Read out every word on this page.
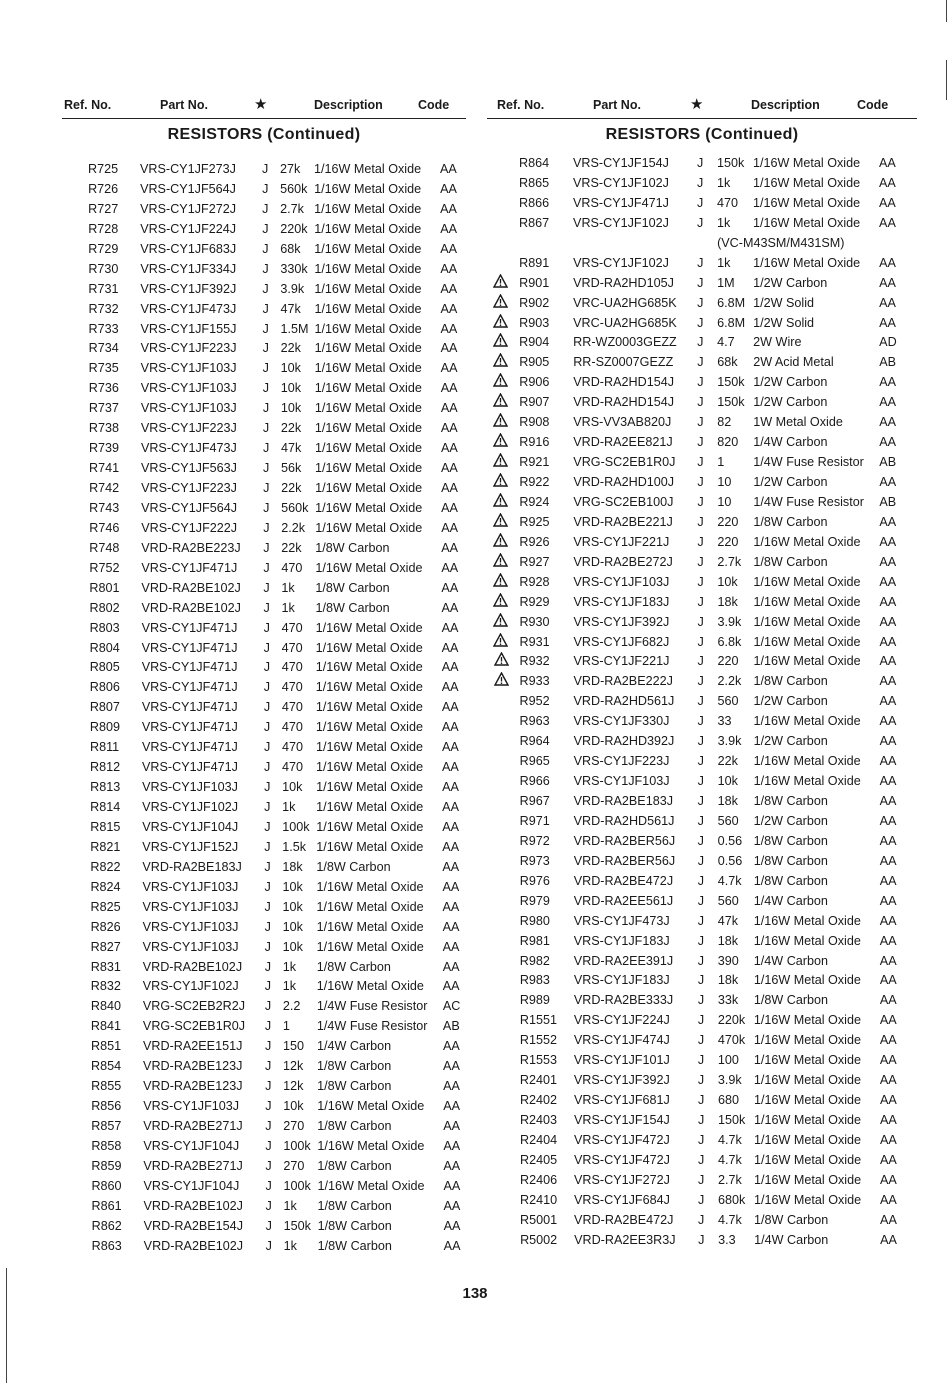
Ref. No.	Part No.	★	Description	Code
RESISTORS (Continued)
R725 VRS-CY1JF273J J 27k 1/16W Metal Oxide AA
R726 VRS-CY1JF564J J 560k 1/16W Metal Oxide AA
R727 VRS-CY1JF272J J 2.7k 1/16W Metal Oxide AA
R728 VRS-CY1JF224J J 220k 1/16W Metal Oxide AA
R729 VRS-CY1JF683J J 68k 1/16W Metal Oxide AA
R730 VRS-CY1JF334J J 330k 1/16W Metal Oxide AA
R731 VRS-CY1JF392J J 3.9k 1/16W Metal Oxide AA
R732 VRS-CY1JF473J J 47k 1/16W Metal Oxide AA
R733 VRS-CY1JF155J J 1.5M 1/16W Metal Oxide AA
R734 VRS-CY1JF223J J 22k 1/16W Metal Oxide AA
R735 VRS-CY1JF103J J 10k 1/16W Metal Oxide AA
R736 VRS-CY1JF103J J 10k 1/16W Metal Oxide AA
R737 VRS-CY1JF103J J 10k 1/16W Metal Oxide AA
R738 VRS-CY1JF223J J 22k 1/16W Metal Oxide AA
R739 VRS-CY1JF473J J 47k 1/16W Metal Oxide AA
R741 VRS-CY1JF563J J 56k 1/16W Metal Oxide AA
R742 VRS-CY1JF223J J 22k 1/16W Metal Oxide AA
R743 VRS-CY1JF564J J 560k 1/16W Metal Oxide AA
R746 VRS-CY1JF222J J 2.2k 1/16W Metal Oxide AA
R748 VRD-RA2BE223J J 22k 1/8W Carbon	AA
R752 VRS-CY1JF471J J 470 1/16W Metal Oxide AA
R801 VRD-RA2BE102J J 1k 1/8W Carbon	AA
R802 VRD-RA2BE102J J 1k 1/8W Carbon	AA
R803 VRS-CY1JF471J J 470 1/16W Metal Oxide AA
R804 VRS-CY1JF471J J 470 1/16W Metal Oxide AA
R805 VRS-CY1JF471J J 470 1/16W Metal Oxide AA
R806 VRS-CY1JF471J J 470 1/16W Metal Oxide AA
R807 VRS-CY1JF471J J 470 1/16W Metal Oxide AA
R809 VRS-CY1JF471J J 470 1/16W Metal Oxide AA
R811 VRS-CY1JF471J J 470 1/16W Metal Oxide AA
R812 VRS-CY1JF471J J 470 1/16W Metal Oxide AA
R813 VRS-CY1JF103J J 10k 1/16W Metal Oxide AA
R814 VRS-CY1JF102J J 1k 1/16W Metal Oxide AA
R815 VRS-CY1JF104J J 100k 1/16W Metal Oxide AA
R821 VRS-CY1JF152J J 1.5k 1/16W Metal Oxide AA
R822 VRD-RA2BE183J J 18k 1/8W Carbon	AA
R824 VRS-CY1JF103J J 10k 1/16W Metal Oxide AA
R825 VRS-CY1JF103J J 10k 1/16W Metal Oxide AA
R826 VRS-CY1JF103J J 10k 1/16W Metal Oxide AA
R827 VRS-CY1JF103J J 10k 1/16W Metal Oxide AA
R831 VRD-RA2BE102J J 1k 1/8W Carbon	AA
R832 VRS-CY1JF102J J 1k 1/16W Metal Oxide AA
R840 VRG-SC2EB2R2J J 2.2 1/4W Fuse Resistor AC
R841 VRG-SC2EB1R0J J 1 1/4W Fuse Resistor AB
R851 VRD-RA2EE151J J 150 1/4W Carbon	AA
R854 VRD-RA2BE123J J 12k 1/8W Carbon	AA
R855 VRD-RA2BE123J J 12k 1/8W Carbon	AA
R856 VRS-CY1JF103J J 10k 1/16W Metal Oxide AA
R857 VRD-RA2BE271J J 270 1/8W Carbon	AA
R858 VRS-CY1JF104J J 100k 1/16W Metal Oxide AA
R859 VRD-RA2BE271J J 270 1/8W Carbon	AA
R860 VRS-CY1JF104J J 100k 1/16W Metal Oxide AA
R861 VRD-RA2BE102J J 1k 1/8W Carbon	AA
R862 VRD-RA2BE154J J 150k 1/8W Carbon	AA
R863 VRD-RA2BE102J J 1k 1/8W Carbon	AA
Ref. No.	Part No.	★	Description	Code
RESISTORS (Continued)
R864 VRS-CY1JF154J J 150k 1/16W Metal Oxide AA
R865 VRS-CY1JF102J J 1k 1/16W Metal Oxide AA
R866 VRS-CY1JF471J J 470 1/16W Metal Oxide AA
R867 VRS-CY1JF102J J 1k 1/16W Metal Oxide AA
(VC-M43SM/M431SM)
R891 VRS-CY1JF102J J 1k 1/16W Metal Oxide AA
R901 VRD-RA2HD105J J 1M 1/2W Carbon	AA
R902 VRC-UA2HG685K J 6.8M 1/2W Solid	AA
R903 VRC-UA2HG685K J 6.8M 1/2W Solid	AA
R904 RR-WZ0003GEZZ J 4.7 2W Wire	AD
R905 RR-SZ0007GEZZ J 68k 2W Acid Metal	AB
R906 VRD-RA2HD154J J 150k 1/2W Carbon	AA
R907 VRD-RA2HD154J J 150k 1/2W Carbon	AA
R908 VRS-VV3AB820J J 82 1W Metal Oxide	AA
R916 VRD-RA2EE821J J 820 1/4W Carbon	AA
R921 VRG-SC2EB1R0J J 1 1/4W Fuse Resistor AB
R922 VRD-RA2HD100J J 10 1/2W Carbon	AA
R924 VRG-SC2EB100J J 10 1/4W Fuse Resistor AB
R925 VRD-RA2BE221J J 220 1/8W Carbon	AA
R926 VRS-CY1JF221J J 220 1/16W Metal Oxide AA
R927 VRD-RA2BE272J J 2.7k 1/8W Carbon	AA
R928 VRS-CY1JF103J J 10k 1/16W Metal Oxide AA
R929 VRS-CY1JF183J J 18k 1/16W Metal Oxide AA
R930 VRS-CY1JF392J J 3.9k 1/16W Metal Oxide AA
R931 VRS-CY1JF682J J 6.8k 1/16W Metal Oxide AA
R932 VRS-CY1JF221J J 220 1/16W Metal Oxide AA
R933 VRD-RA2BE222J J 2.2k 1/8W Carbon	AA
R952 VRD-RA2HD561J J 560 1/2W Carbon	AA
R963 VRS-CY1JF330J J 33 1/16W Metal Oxide AA
R964 VRD-RA2HD392J J 3.9k 1/2W Carbon	AA
R965 VRS-CY1JF223J J 22k 1/16W Metal Oxide AA
R966 VRS-CY1JF103J J 10k 1/16W Metal Oxide AA
R967 VRD-RA2BE183J J 18k 1/8W Carbon	AA
R971 VRD-RA2HD561J J 560 1/2W Carbon	AA
R972 VRD-RA2BER56J J 0.56 1/8W Carbon	AA
R973 VRD-RA2BER56J J 0.56 1/8W Carbon	AA
R976 VRD-RA2BE472J J 4.7k 1/8W Carbon	AA
R979 VRD-RA2EE561J J 560 1/4W Carbon	AA
R980 VRS-CY1JF473J J 47k 1/16W Metal Oxide AA
R981 VRS-CY1JF183J J 18k 1/16W Metal Oxide AA
R982 VRD-RA2EE391J J 390 1/4W Carbon	AA
R983 VRS-CY1JF183J J 18k 1/16W Metal Oxide AA
R989 VRD-RA2BE333J J 33k 1/8W Carbon	AA
R1551 VRS-CY1JF224J J 220k 1/16W Metal Oxide AA
R1552 VRS-CY1JF474J J 470k 1/16W Metal Oxide AA
R1553 VRS-CY1JF101J J 100 1/16W Metal Oxide AA
R2401 VRS-CY1JF392J J 3.9k 1/16W Metal Oxide AA
R2402 VRS-CY1JF681J J 680 1/16W Metal Oxide AA
R2403 VRS-CY1JF154J J 150k 1/16W Metal Oxide AA
R2404 VRS-CY1JF472J J 4.7k 1/16W Metal Oxide AA
R2405 VRS-CY1JF472J J 4.7k 1/16W Metal Oxide AA
R2406 VRS-CY1JF272J J 2.7k 1/16W Metal Oxide AA
R2410 VRS-CY1JF684J J 680k 1/16W Metal Oxide AA
R5001 VRD-RA2BE472J J 4.7k 1/8W Carbon	AA
R5002 VRD-RA2EE3R3J J 3.3 1/4W Carbon	AA
138
